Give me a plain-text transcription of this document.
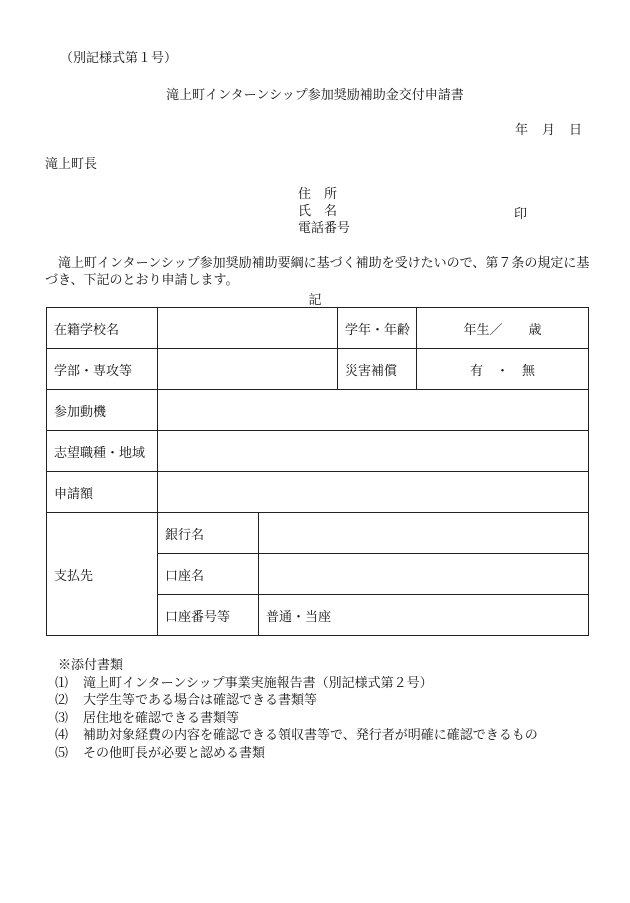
（別記様式第１号）
滝上町インターンシップ参加奨励補助金交付申請書
年 月 日
滝上町長
住　所
氏　名
電話番号
印
　滝上町インターンシップ参加奨励補助要綱に基づく補助を受けたいので、第７条の規定に基づき、下記のとおり申請します。
記
在籍学校名			学年・年齢	年生／　　歳
学部・専攻等			災害補償	有　・　無
参加動機				
志望職種・地域				
申請額				
支払先	銀行名			
	口座名			
	口座番号等	普通・当座		
※添付書類
⑴ 滝上町インターンシップ事業実施報告書（別記様式第２号）
⑵ 大学生等である場合は確認できる書類等
⑶ 居住地を確認できる書類等
⑷ 補助対象経費の内容を確認できる領収書等で、発行者が明確に確認できるもの
⑸ その他町長が必要と認める書類
